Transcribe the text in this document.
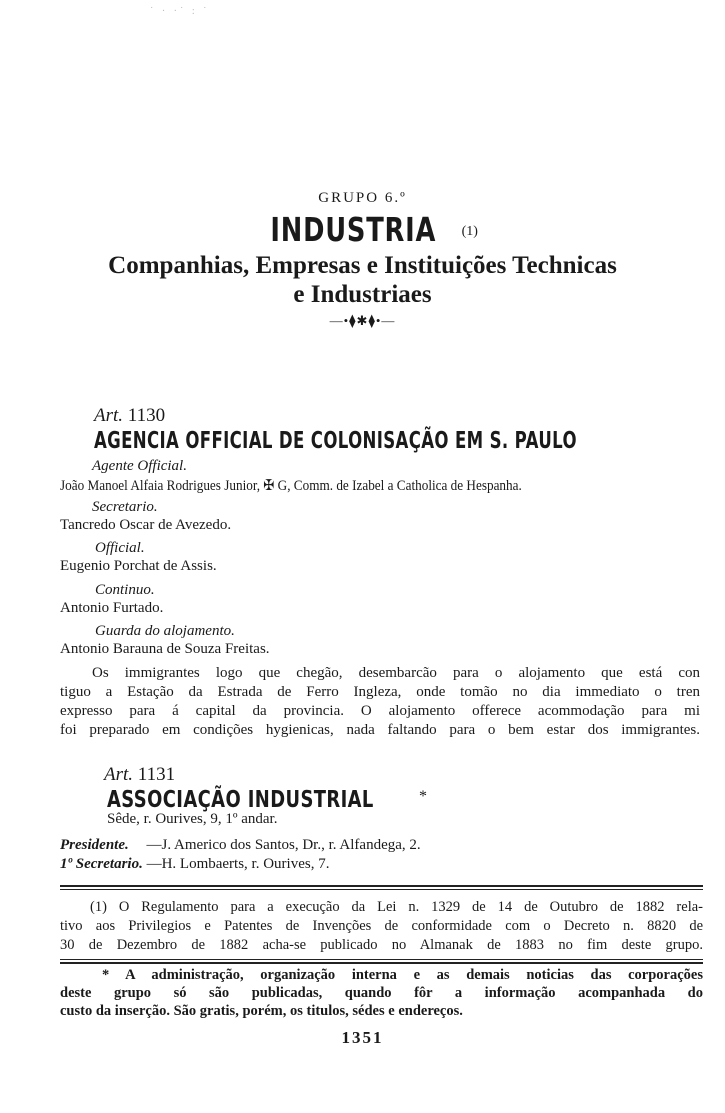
˙ · ·˙ : ˙
GRUPO 6.º
INDUSTRIA (1)
Companhias, Empresas e Instituições Technicas
e Industriaes
—•⧫✱⧫•—
Art. 1130
AGENCIA OFFICIAL DE COLONISAÇÃO EM S. PAULO
Agente Official.
João Manoel Alfaia Rodrigues Junior, ✠ G, Comm. de Izabel a Catholica de Hespanha.
Secretario.
Tancredo Oscar de Avezedo.
Official.
Eugenio Porchat de Assis.
Continuo.
Antonio Furtado.
Guarda do alojamento.
Antonio Barauna de Souza Freitas.
Os immigrantes logo que chegão, desembarcão para o alojamento que está con
tiguo a Estação da Estrada de Ferro Ingleza, onde tomão no dia immediato o tren
expresso para á capital da provincia. O alojamento offerece acommodação para mi
foi preparado em condições hygienicas, nada faltando para o bem estar dos immigrantes.
Art. 1131
ASSOCIAÇÃO INDUSTRIAL	*
Sêde, r. Ourives, 9, 1º andar.
Presidente. —J. Americo dos Santos, Dr., r. Alfandega, 2.
1º Secretario. —H. Lombaerts, r. Ourives, 7.
(1) O Regulamento para a execução da Lei n. 1329 de 14 de Outubro de 1882 rela-
tivo aos Privilegios e Patentes de Invenções de conformidade com o Decreto n. 8820 de
30 de Dezembro de 1882 acha-se publicado no Almanak de 1883 no fim deste grupo.
* A administração, organização interna e as demais noticias das corporações
deste grupo só são publicadas, quando fôr a informação acompanhada do
custo da inserção. São gratis, porém, os titulos, sédes e endereços.
1351
